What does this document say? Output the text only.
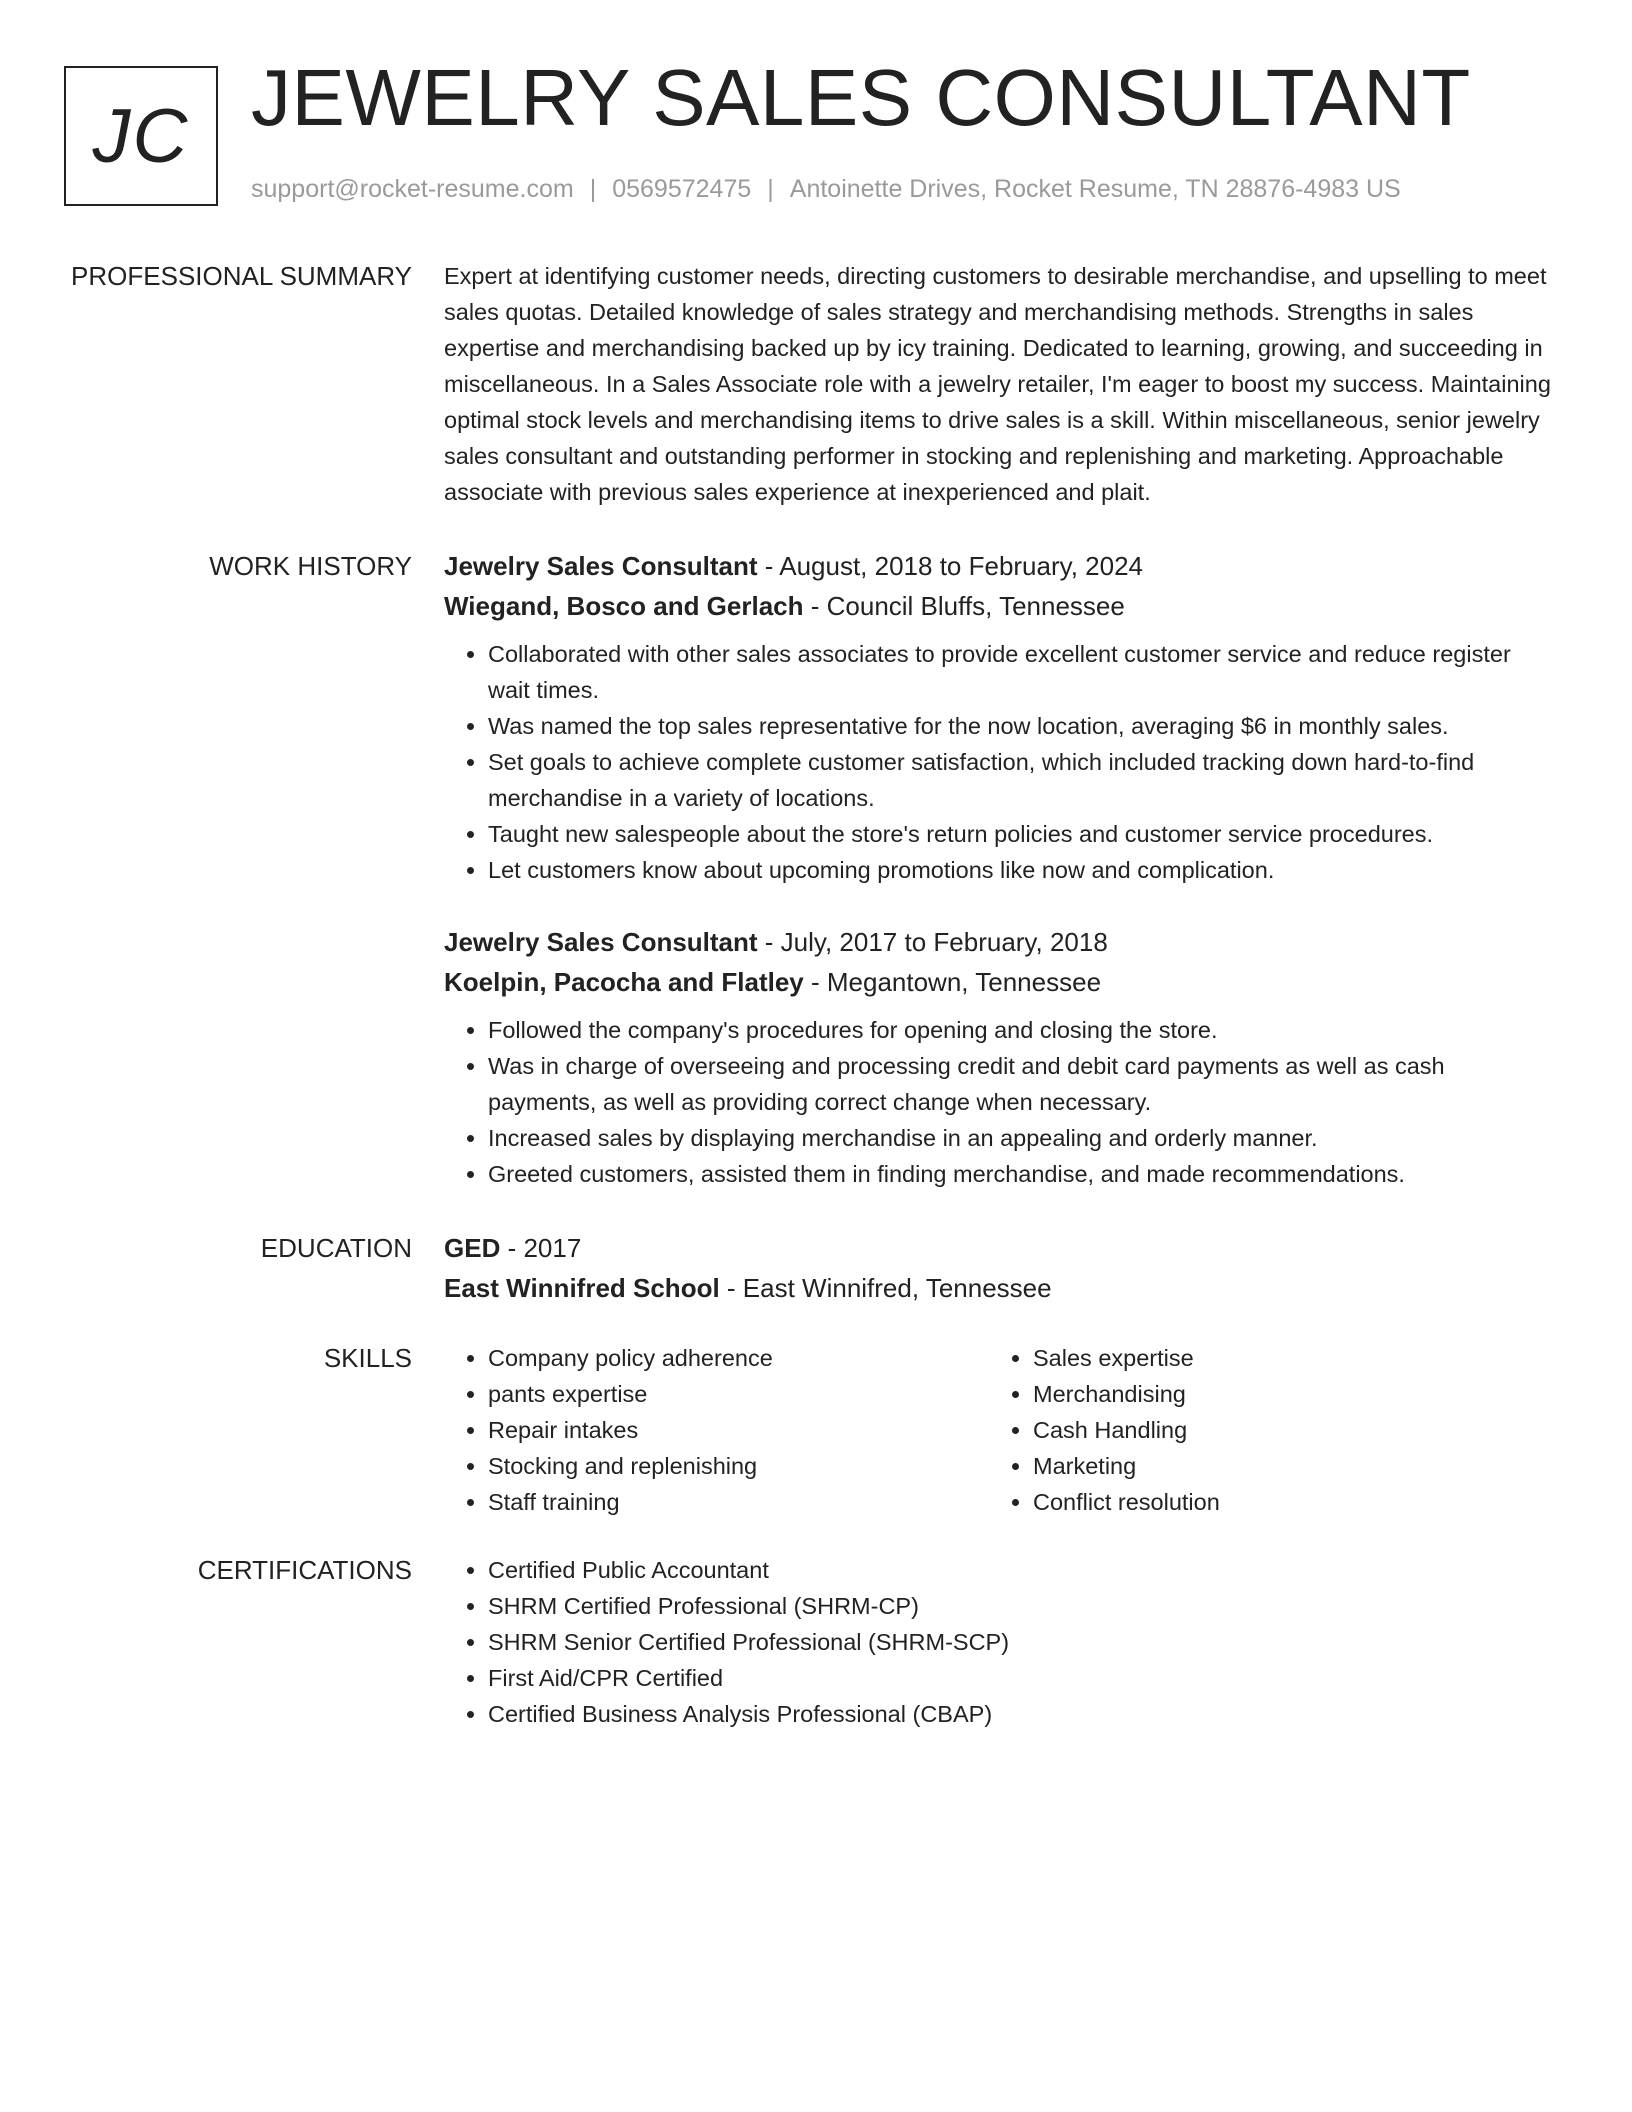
JC JEWELRY SALES CONSULTANT
support@rocket-resume.com | 0569572475 | Antoinette Drives, Rocket Resume, TN 28876-4983 US
PROFESSIONAL SUMMARY Expert at identifying customer needs, directing customers to desirable merchandise, and upselling to meet sales quotas. Detailed knowledge of sales strategy and merchandising methods. Strengths in sales expertise and merchandising backed up by icy training. Dedicated to learning, growing, and succeeding in miscellaneous. In a Sales Associate role with a jewelry retailer, I'm eager to boost my success. Maintaining optimal stock levels and merchandising items to drive sales is a skill. Within miscellaneous, senior jewelry sales consultant and outstanding performer in stocking and replenishing and marketing. Approachable associate with previous sales experience at inexperienced and plait.

WORK HISTORY Jewelry Sales Consultant - August, 2018 to February, 2024
Wiegand, Bosco and Gerlach - Council Bluffs, Tennessee
• Collaborated with other sales associates to provide excellent customer service and reduce register wait times.
• Was named the top sales representative for the now location, averaging $6 in monthly sales.
• Set goals to achieve complete customer satisfaction, which included tracking down hard-to-find merchandise in a variety of locations.
• Taught new salespeople about the store's return policies and customer service procedures.
• Let customers know about upcoming promotions like now and complication.
Jewelry Sales Consultant - July, 2017 to February, 2018
Koelpin, Pacocha and Flatley - Megantown, Tennessee
• Followed the company's procedures for opening and closing the store.
• Was in charge of overseeing and processing credit and debit card payments as well as cash payments, as well as providing correct change when necessary.
• Increased sales by displaying merchandise in an appealing and orderly manner.
• Greeted customers, assisted them in finding merchandise, and made recommendations.
EDUCATION GED - 2017
East Winnifred School - East Winnifred, Tennessee
SKILLS	• Company policy adherence
• pants expertise
• Repair intakes
• Stocking and replenishing
• Staff training
• Sales expertise
• Merchandising
• Cash Handling
• Marketing
• Conflict resolution
CERTIFICATIONS	• Certified Public Accountant
• SHRM Certified Professional (SHRM-CP)
• SHRM Senior Certified Professional (SHRM-SCP)
• First Aid/CPR Certified
• Certified Business Analysis Professional (CBAP)
